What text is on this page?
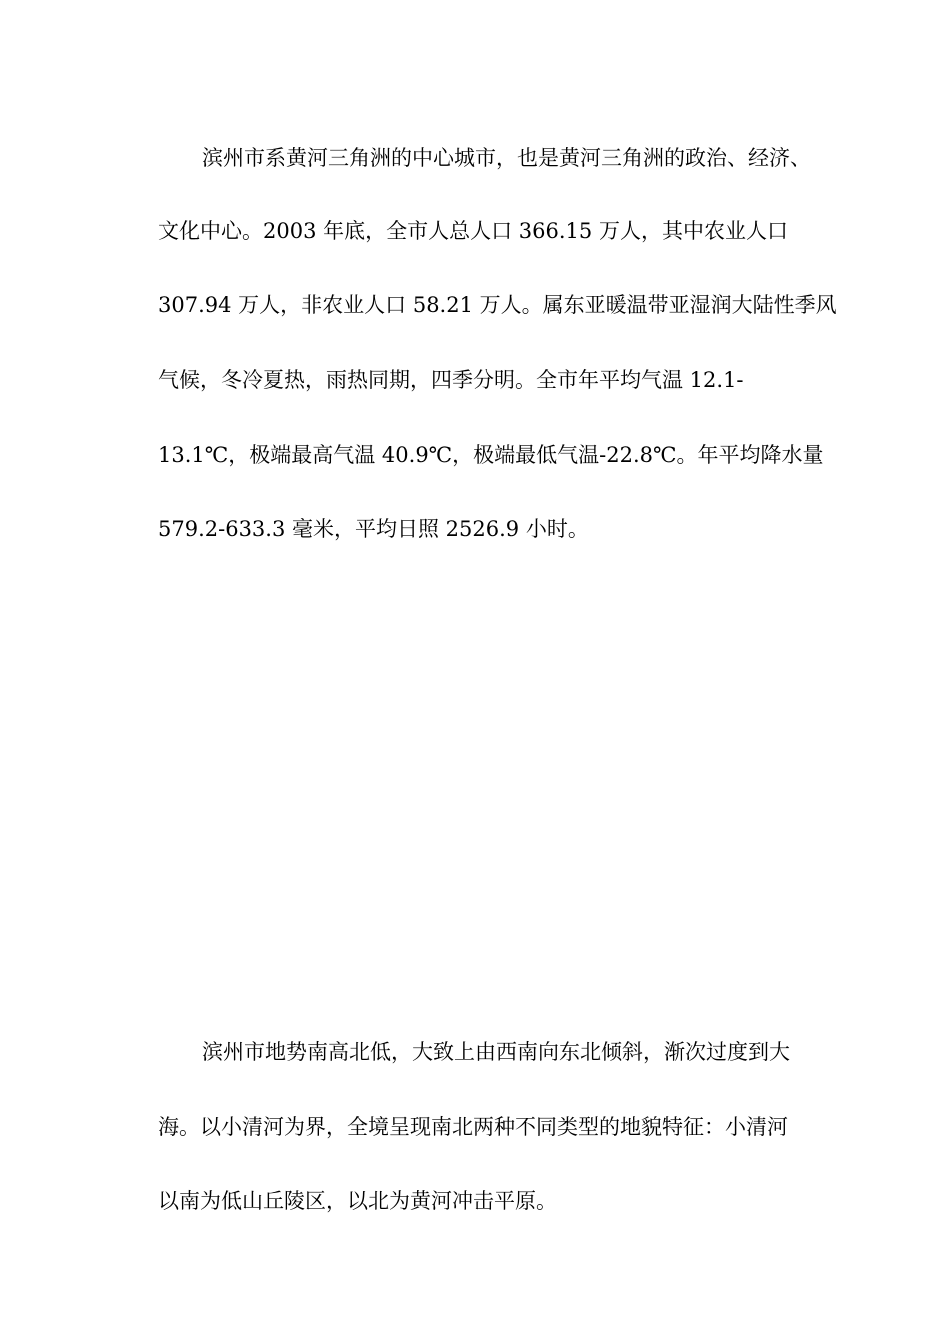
滨州市系黄河三角洲的中心城市，也是黄河三角洲的政治、经济、
文化中心。2003 年底，全市人总人口 366.15 万人，其中农业人口
307.94 万人，非农业人口 58.21 万人。属东亚暖温带亚湿润大陆性季风
气候，冬冷夏热，雨热同期，四季分明。全市年平均气温 12.1-
13.1℃，极端最高气温 40.9℃，极端最低气温-22.8℃。年平均降水量
579.2-633.3 毫米，平均日照 2526.9 小时。
滨州市地势南高北低，大致上由西南向东北倾斜，渐次过度到大
海。以小清河为界，全境呈现南北两种不同类型的地貌特征：小清河
以南为低山丘陵区，以北为黄河冲击平原。
